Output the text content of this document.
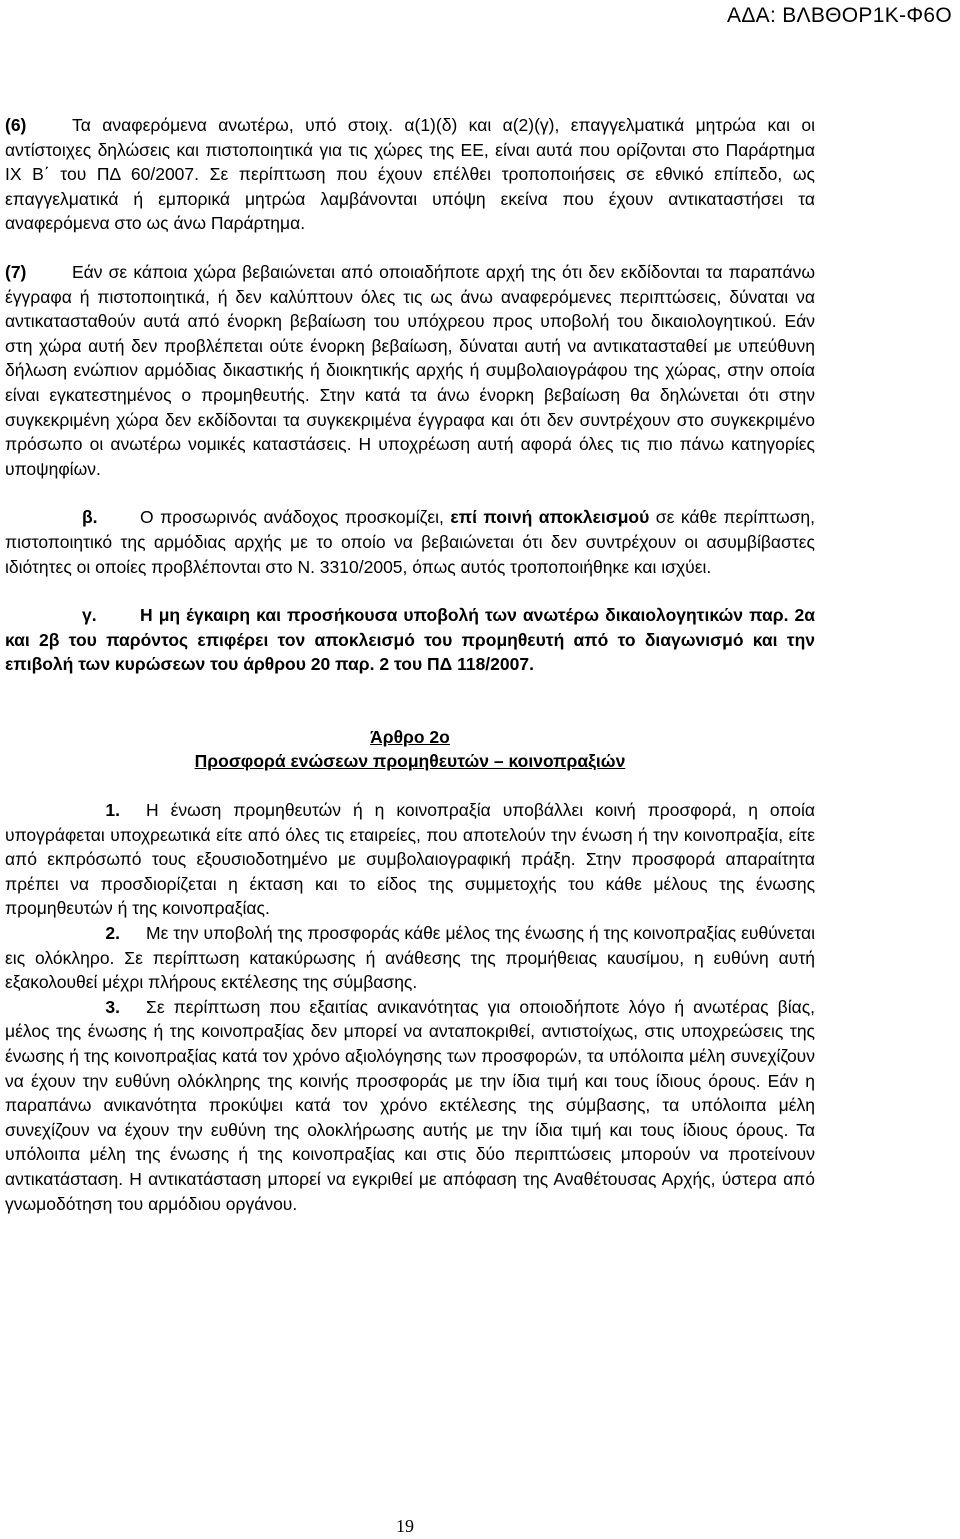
ΑΔΑ: ΒΛΒΘΟΡ1Κ-Φ6Ο

(6)	Τα αναφερόμενα ανωτέρω, υπό στοιχ. α(1)(δ) και α(2)(γ), επαγγελματικά μητρώα και οι αντίστοιχες δηλώσεις και πιστοποιητικά για τις χώρες της ΕΕ, είναι αυτά που ορίζονται στο Παράρτημα ΙΧ Β΄ του ΠΔ 60/2007. Σε περίπτωση που έχουν επέλθει τροποποιήσεις σε εθνικό επίπεδο, ως επαγγελματικά ή εμπορικά μητρώα λαμβάνονται υπόψη εκείνα που έχουν αντικαταστήσει τα αναφερόμενα στο ως άνω Παράρτημα.

(7)	Εάν σε κάποια χώρα βεβαιώνεται από οποιαδήποτε αρχή της ότι δεν εκδίδονται τα παραπάνω έγγραφα ή πιστοποιητικά, ή δεν καλύπτουν όλες τις ως άνω αναφερόμενες περιπτώσεις, δύναται να αντικατασταθούν αυτά από ένορκη βεβαίωση του υπόχρεου προς υποβολή του δικαιολογητικού. Εάν στη χώρα αυτή δεν προβλέπεται ούτε ένορκη βεβαίωση, δύναται αυτή να αντικατασταθεί με υπεύθυνη δήλωση ενώπιον αρμόδιας δικαστικής ή διοικητικής αρχής ή συμβολαιογράφου της χώρας, στην οποία είναι εγκατεστημένος ο προμηθευτής. Στην κατά τα άνω ένορκη βεβαίωση θα δηλώνεται ότι στην συγκεκριμένη χώρα δεν εκδίδονται τα συγκεκριμένα έγγραφα και ότι δεν συντρέχουν στο συγκεκριμένο πρόσωπο οι ανωτέρω νομικές καταστάσεις. Η υποχρέωση αυτή αφορά όλες τις πιο πάνω κατηγορίες υποψηφίων.

β. Ο προσωρινός ανάδοχος προσκομίζει, επί ποινή αποκλεισμού σε κάθε περίπτωση, πιστοποιητικό της αρμόδιας αρχής με το οποίο να βεβαιώνεται ότι δεν συντρέχουν οι ασυμβίβαστες ιδιότητες οι οποίες προβλέπονται στο Ν. 3310/2005, όπως αυτός τροποποιήθηκε και ισχύει.

γ. Η μη έγκαιρη και προσήκουσα υποβολή των ανωτέρω δικαιολογητικών παρ. 2α και 2β του παρόντος επιφέρει τον αποκλεισμό του προμηθευτή από το διαγωνισμό και την επιβολή των κυρώσεων του άρθρου 20 παρ. 2 του ΠΔ 118/2007.

Άρθρο 2ο

Προσφορά ενώσεων προμηθευτών – κοινοπραξιών

1. Η ένωση προμηθευτών ή η κοινοπραξία υποβάλλει κοινή προσφορά, η οποία υπογράφεται υποχρεωτικά είτε από όλες τις εταιρείες, που αποτελούν την ένωση ή την κοινοπραξία, είτε από εκπρόσωπό τους εξουσιοδοτημένο με συμβολαιογραφική πράξη. Στην προσφορά απαραίτητα πρέπει να προσδιορίζεται η έκταση και το είδος της συμμετοχής του κάθε μέλους της ένωσης προμηθευτών ή της κοινοπραξίας.

2. Με την υποβολή της προσφοράς κάθε μέλος της ένωσης ή της κοινοπραξίας ευθύνεται εις ολόκληρο. Σε περίπτωση κατακύρωσης ή ανάθεσης της προμήθειας καυσίμου, η ευθύνη αυτή εξακολουθεί μέχρι πλήρους εκτέλεσης της σύμβασης.

3. Σε περίπτωση που εξαιτίας ανικανότητας για οποιοδήποτε λόγο ή ανωτέρας βίας, μέλος της ένωσης ή της κοινοπραξίας δεν μπορεί να ανταποκριθεί, αντιστοίχως, στις υποχρεώσεις της ένωσης ή της κοινοπραξίας κατά τον χρόνο αξιολόγησης των προσφορών, τα υπόλοιπα μέλη συνεχίζουν να έχουν την ευθύνη ολόκληρης της κοινής προσφοράς με την ίδια τιμή και τους ίδιους όρους. Εάν η παραπάνω ανικανότητα προκύψει κατά τον χρόνο εκτέλεσης της σύμβασης, τα υπόλοιπα μέλη συνεχίζουν να έχουν την ευθύνη της ολοκλήρωσης αυτής με την ίδια τιμή και τους ίδιους όρους. Τα υπόλοιπα μέλη της ένωσης ή της κοινοπραξίας και στις δύο περιπτώσεις μπορούν να προτείνουν αντικατάσταση. Η αντικατάσταση μπορεί να εγκριθεί με απόφαση της Αναθέτουσας Αρχής, ύστερα από γνωμοδότηση του αρμόδιου οργάνου.

19
